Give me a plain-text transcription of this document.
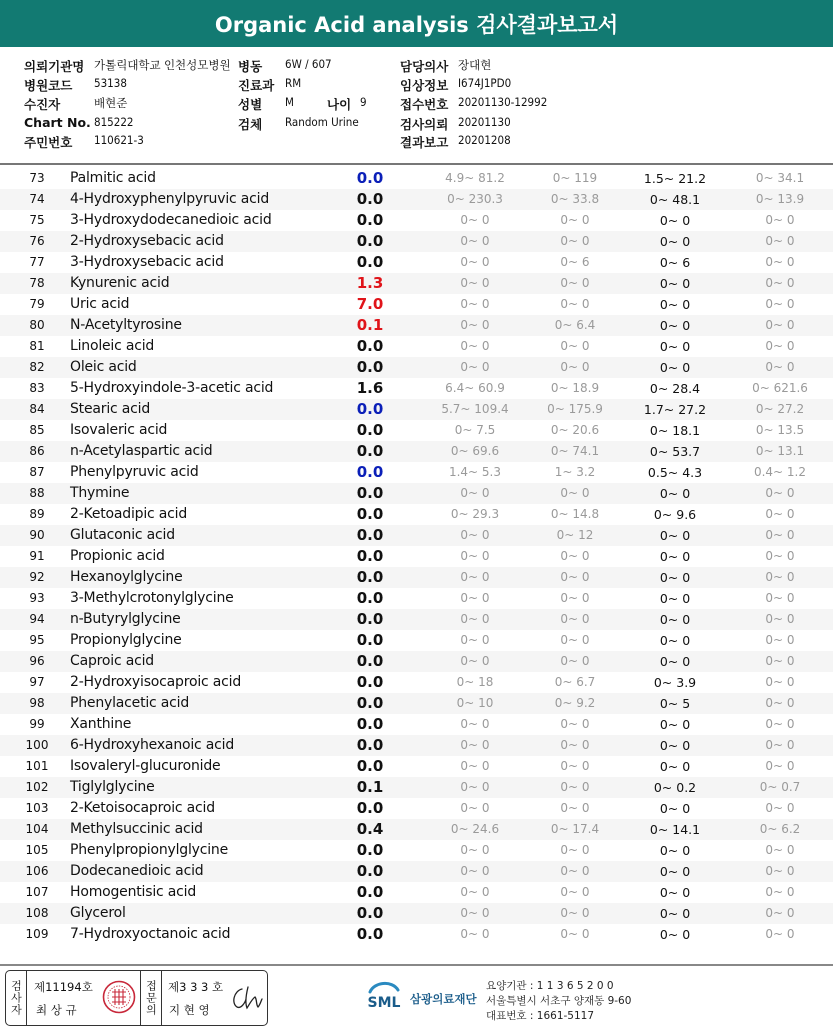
Organic Acid analysis 검사결과보고서
의뢰기관명 가톨릭대학교 인천성모병원 병동 6W / 607	담당의사 장대현
병원코드 53138	진료과 RM	임상정보 I674J1PD0
수진자	배현준	성별 M	나이 9	접수번호 20201130-12992
Chart No. 815222	검체 Random Urine	검사의뢰 20201130
주민번호 110621-3	결과보고 20201208
73	Palmitic acid	0.0	4.9~ 81.2	0~ 119	1.5~ 21.2	0~ 34.1
74	4-Hydroxyphenylpyruvic acid	0.0	0~ 230.3	0~ 33.8	0~ 48.1	0~ 13.9
75	3-Hydroxydodecanedioic acid	0.0	0~ 0	0~ 0	0~ 0	0~ 0
76	2-Hydroxysebacic acid	0.0	0~ 0	0~ 0	0~ 0	0~ 0
77	3-Hydroxysebacic acid	0.0	0~ 0	0~ 6	0~ 6	0~ 0
78	Kynurenic acid	1.3	0~ 0	0~ 0	0~ 0	0~ 0
79	Uric acid	7.0	0~ 0	0~ 0	0~ 0	0~ 0
80	N-Acetyltyrosine	0.1	0~ 0	0~ 6.4	0~ 0	0~ 0
81	Linoleic acid	0.0	0~ 0	0~ 0	0~ 0	0~ 0
82	Oleic acid	0.0	0~ 0	0~ 0	0~ 0	0~ 0
83	5-Hydroxyindole-3-acetic acid	1.6	6.4~ 60.9	0~ 18.9	0~ 28.4	0~ 621.6
84	Stearic acid	0.0	5.7~ 109.4	0~ 175.9	1.7~ 27.2	0~ 27.2
85	Isovaleric acid	0.0	0~ 7.5	0~ 20.6	0~ 18.1	0~ 13.5
86	n-Acetylaspartic acid	0.0	0~ 69.6	0~ 74.1	0~ 53.7	0~ 13.1
87	Phenylpyruvic acid	0.0	1.4~ 5.3	1~ 3.2	0.5~ 4.3	0.4~ 1.2
88	Thymine	0.0	0~ 0	0~ 0	0~ 0	0~ 0
89	2-Ketoadipic acid	0.0	0~ 29.3	0~ 14.8	0~ 9.6	0~ 0
90	Glutaconic acid	0.0	0~ 0	0~ 12	0~ 0	0~ 0
91	Propionic acid	0.0	0~ 0	0~ 0	0~ 0	0~ 0
92	Hexanoylglycine	0.0	0~ 0	0~ 0	0~ 0	0~ 0
93	3-Methylcrotonylglycine	0.0	0~ 0	0~ 0	0~ 0	0~ 0
94	n-Butyrylglycine	0.0	0~ 0	0~ 0	0~ 0	0~ 0
95	Propionylglycine	0.0	0~ 0	0~ 0	0~ 0	0~ 0
96	Caproic acid	0.0	0~ 0	0~ 0	0~ 0	0~ 0
97	2-Hydroxyisocaproic acid	0.0	0~ 18	0~ 6.7	0~ 3.9	0~ 0
98	Phenylacetic acid	0.0	0~ 10	0~ 9.2	0~ 5	0~ 0
99	Xanthine	0.0	0~ 0	0~ 0	0~ 0	0~ 0
100 6-Hydroxyhexanoic acid	0.0	0~ 0	0~ 0	0~ 0	0~ 0
101 Isovaleryl-glucuronide	0.0	0~ 0	0~ 0	0~ 0	0~ 0
102 Tiglylglycine	0.1	0~ 0	0~ 0	0~ 0.2	0~ 0.7
103 2-Ketoisocaproic acid	0.0	0~ 0	0~ 0	0~ 0	0~ 0
104 Methylsuccinic acid	0.4	0~ 24.6	0~ 17.4	0~ 14.1	0~ 6.2
105 Phenylpropionylglycine	0.0	0~ 0	0~ 0	0~ 0	0~ 0
106 Dodecanedioic acid	0.0	0~ 0	0~ 0	0~ 0	0~ 0
107 Homogentisic acid	0.0	0~ 0	0~ 0	0~ 0	0~ 0
108 Glycerol	0.0	0~ 0	0~ 0	0~ 0	0~ 0
109 7-Hydroxyoctanoic acid	0.0	0~ 0	0~ 0	0~ 0	0~ 0
검사자 제11194호
최 상 규	접문의 제3 3 3 호
지 현 영	SML 삼광의료재단
요양기관 : 1 1 3 6 5 2 0 0
서울특별시 서초구 양재동 9-60
대표번호 : 1661-5117
